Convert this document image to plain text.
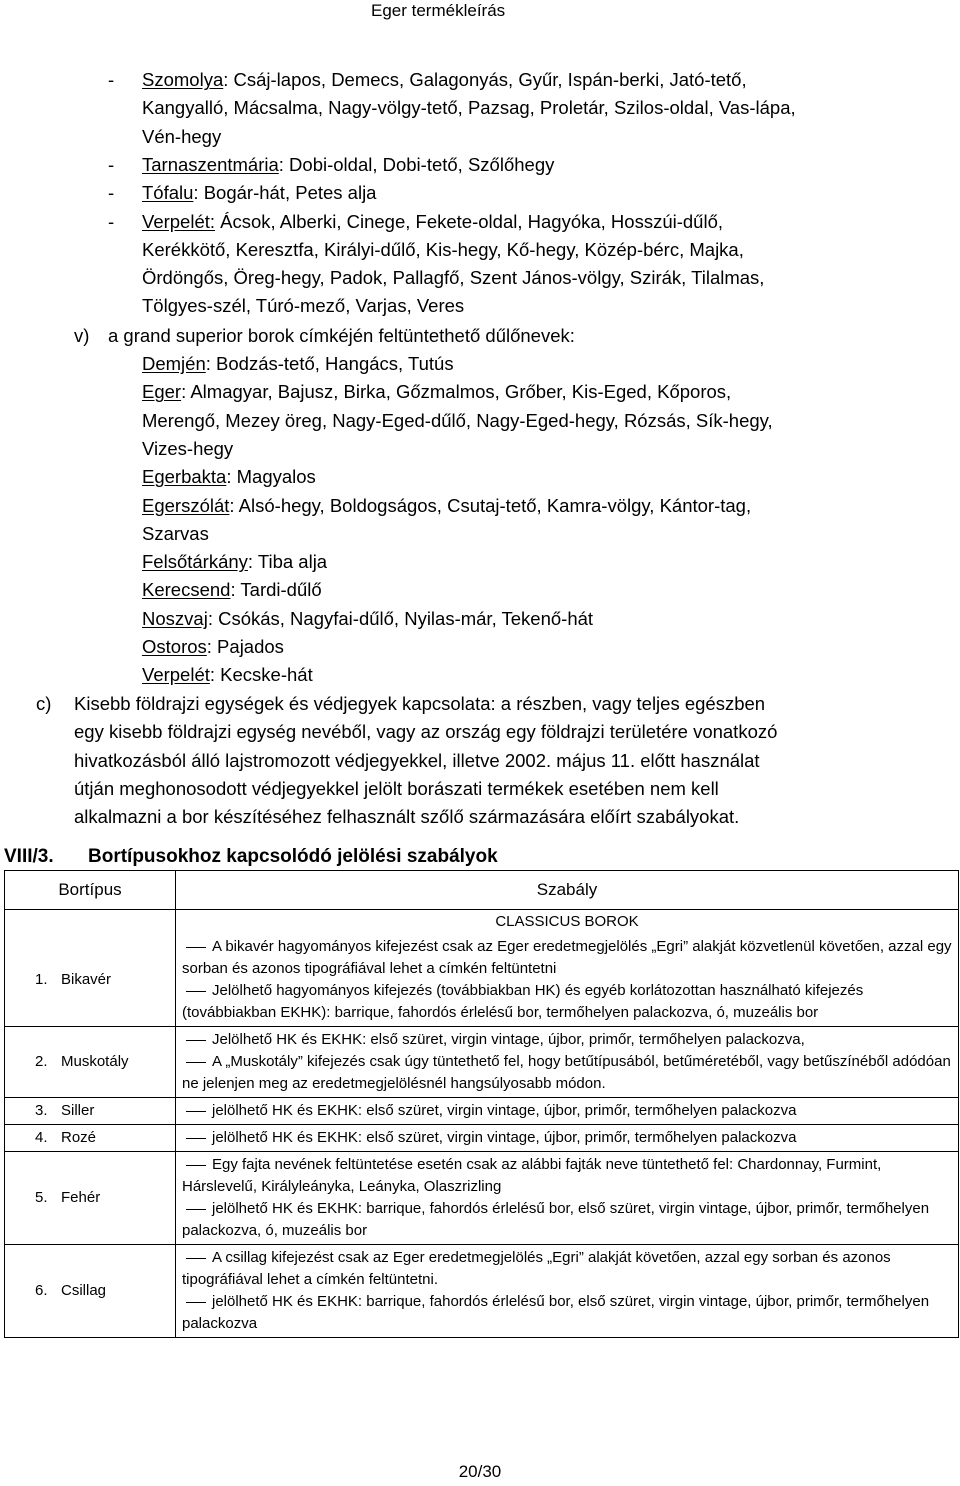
Eger termékleírás
- Szomolya: Csáj-lapos, Demecs, Galagonyás, Gyűr, Ispán-berki, Jató-tető,
Kangyalló, Mácsalma, Nagy-völgy-tető, Pazsag, Proletár, Szilos-oldal, Vas-lápa,
Vén-hegy
- Tarnaszentmária: Dobi-oldal, Dobi-tető, Szőlőhegy
- Tófalu: Bogár-hát, Petes alja
- Verpelét: Ácsok, Alberki, Cinege, Fekete-oldal, Hagyóka, Hosszúi-dűlő,
Kerékkötő, Keresztfa, Királyi-dűlő, Kis-hegy, Kő-hegy, Közép-bérc, Majka,
Ördöngős, Öreg-hegy, Padok, Pallagfő, Szent János-völgy, Szirák, Tilalmas,
Tölgyes-szél, Túró-mező, Varjas, Veres
v) a grand superior borok címkéjén feltüntethető dűlőnevek:
Demjén: Bodzás-tető, Hangács, Tutús
Eger: Almagyar, Bajusz, Birka, Gőzmalmos, Grőber, Kis-Eged, Kőporos,
Merengő, Mezey öreg, Nagy-Eged-dűlő, Nagy-Eged-hegy, Rózsás, Sík-hegy,
Vizes-hegy
Egerbakta: Magyalos
Egerszólát: Alsó-hegy, Boldogságos, Csutaj-tető, Kamra-völgy, Kántor-tag,
Szarvas
Felsőtárkány: Tiba alja
Kerecsend: Tardi-dűlő
Noszvaj: Csókás, Nagyfai-dűlő, Nyilas-már, Tekenő-hát
Ostoros: Pajados
Verpelét: Kecske-hát
c) Kisebb földrajzi egységek és védjegyek kapcsolata: a részben, vagy teljes egészben
egy kisebb földrajzi egység nevéből, vagy az ország egy földrajzi területére vonatkozó
hivatkozásból álló lajstromozott védjegyekkel, illetve 2002. május 11. előtt használat
útján meghonosodott védjegyekkel jelölt borászati termékek esetében nem kell
alkalmazni a bor készítéséhez felhasznált szőlő származására előírt szabályokat.
VIII/3. Bortípusokhoz kapcsolódó jelölési szabályok
Bortípus	Szabály
	CLASSICUS BOROK
1. Bikavér	A bikavér hagyományos kifejezést csak az Eger eredetmegjelölés „Egri” alakját közvetlenül követően, azzal egy sorban és azonos tipográfiával lehet a címkén feltüntetni
Jelölhető hagyományos kifejezés (továbbiakban HK) és egyéb korlátozottan használható kifejezés (továbbiakban EKHK): barrique, fahordós érlelésű bor, termőhelyen palackozva, ó, muzeális bor

2. Muskotály	Jelölhető HK és EKHK: első szüret, virgin vintage, újbor, primőr, termőhelyen palackozva,
A „Muskotály” kifejezés csak úgy tüntethető fel, hogy betűtípusából, betűméretéből, vagy betűszínéből adódóan ne jelenjen meg az eredetmegjelölésnél hangsúlyosabb módon.

3. Siller	jelölhető HK és EKHK: első szüret, virgin vintage, újbor, primőr, termőhelyen palackozva

4. Rozé	jelölhető HK és EKHK: első szüret, virgin vintage, újbor, primőr, termőhelyen palackozva

5. Fehér	Egy fajta nevének feltüntetése esetén csak az alábbi fajták neve tüntethető fel: Chardonnay, Furmint, Hárslevelű, Királyleányka, Leányka, Olaszrizling
jelölhető HK és EKHK: barrique, fahordós érlelésű bor, első szüret, virgin vintage, újbor, primőr, termőhelyen palackozva, ó, muzeális bor

6. Csillag	A csillag kifejezést csak az Eger eredetmegjelölés „Egri” alakját követően, azzal egy sorban és azonos tipográfiával lehet a címkén feltüntetni.
jelölhető HK és EKHK: barrique, fahordós érlelésű bor, első szüret, virgin vintage, újbor, primőr, termőhelyen palackozva
20/30
